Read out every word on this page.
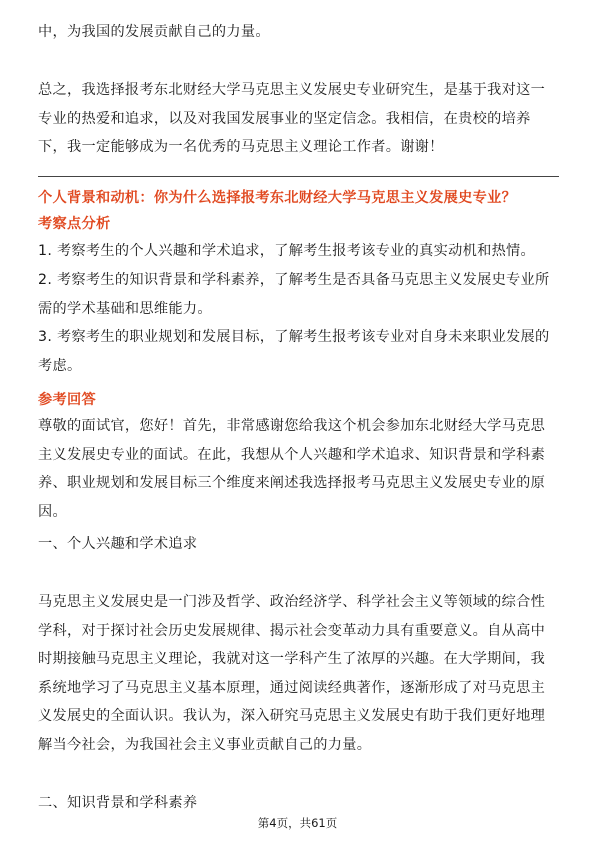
中，为我国的发展贡献自己的力量。
总之，我选择报考东北财经大学马克思主义发展史专业研究生，是基于我对这一专业的热爱和追求，以及对我国发展事业的坚定信念。我相信，在贵校的培养下，我一定能够成为一名优秀的马克思主义理论工作者。谢谢！
个人背景和动机：你为什么选择报考东北财经大学马克思主义发展史专业？
考察点分析
1. 考察考生的个人兴趣和学术追求，了解考生报考该专业的真实动机和热情。
2. 考察考生的知识背景和学科素养，了解考生是否具备马克思主义发展史专业所需的学术基础和思维能力。
3. 考察考生的职业规划和发展目标，了解考生报考该专业对自身未来职业发展的考虑。
参考回答
尊敬的面试官，您好！首先，非常感谢您给我这个机会参加东北财经大学马克思主义发展史专业的面试。在此，我想从个人兴趣和学术追求、知识背景和学科素养、职业规划和发展目标三个维度来阐述我选择报考马克思主义发展史专业的原因。
一、个人兴趣和学术追求
马克思主义发展史是一门涉及哲学、政治经济学、科学社会主义等领域的综合性学科，对于探讨社会历史发展规律、揭示社会变革动力具有重要意义。自从高中时期接触马克思主义理论，我就对这一学科产生了浓厚的兴趣。在大学期间，我系统地学习了马克思主义基本原理，通过阅读经典著作，逐渐形成了对马克思主义发展史的全面认识。我认为，深入研究马克思主义发展史有助于我们更好地理解当今社会，为我国社会主义事业贡献自己的力量。
二、知识背景和学科素养
第4页，共61页
